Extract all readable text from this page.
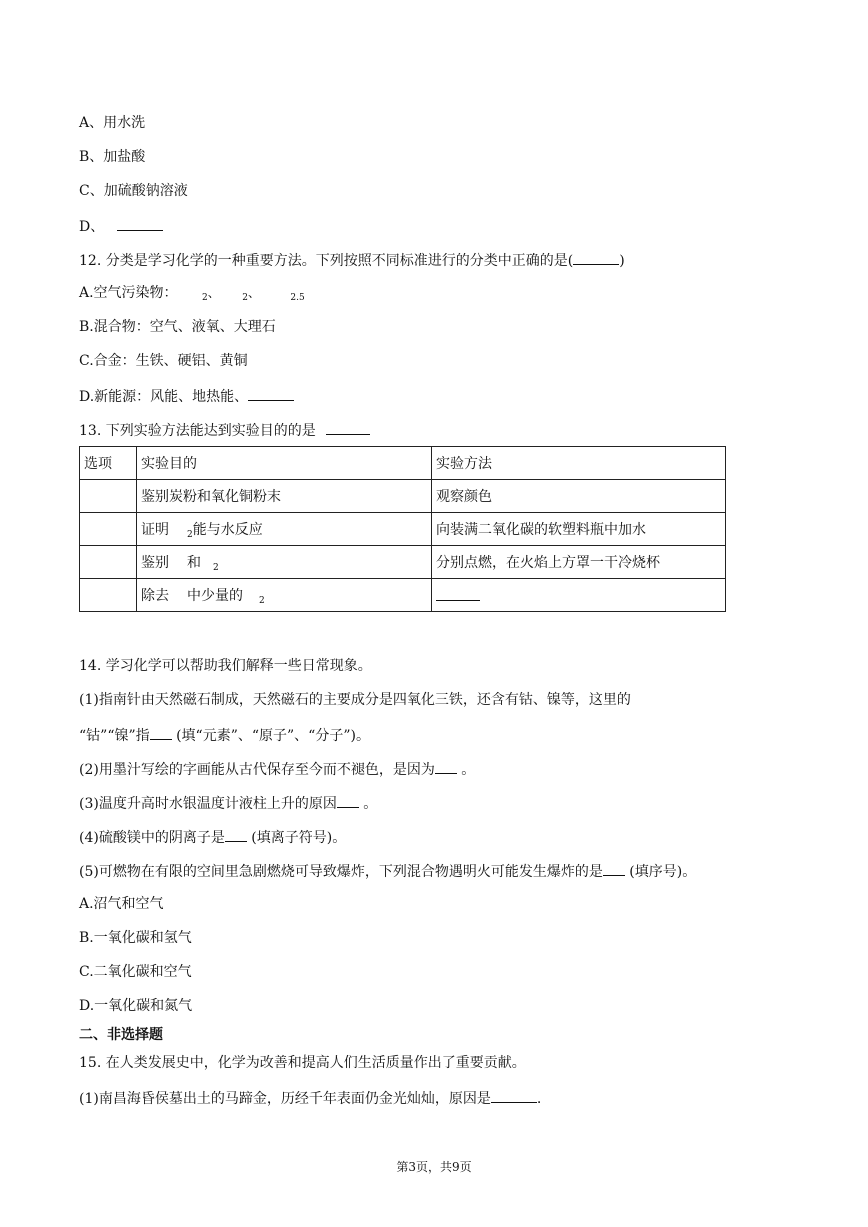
A、用水洗
B、加盐酸
C、加硫酸钠溶液
D、
12. 分类是学习化学的一种重要方法。下列按照不同标准进行的分类中正确的是(	)
A.空气污染物：	$_2$、 $_2$、	$_{2.5}$
B.混合物：空气、液氧、大理石
C.合金：生铁、硬铝、黄铜
D.新能源：风能、地热能、
13. 下列实验方法能达到实验目的的是
选项	实验目的	实验方法
	鉴别炭粉和氧化铜粉末	观察颜色
	证明 $_2$能与水反应	向装满二氧化碳的软塑料瓶中加水
	鉴别 和 $_2$	分别点燃，在火焰上方罩一干冷烧杯
	除去 中少量的 $_2$	
14. 学习化学可以帮助我们解释一些日常现象。
(1)指南针由天然磁石制成，天然磁石的主要成分是四氧化三铁，还含有钴、镍等，这里的
“钴”“镍”指 (填“元素”、“原子”、“分子”)。
(2)用墨汁写绘的字画能从古代保存至今而不褪色，是因为 。
(3)温度升高时水银温度计液柱上升的原因 。
(4)硫酸镁中的阴离子是 (填离子符号)。
(5)可燃物在有限的空间里急剧燃烧可导致爆炸，下列混合物遇明火可能发生爆炸的是 (填序号)。
A.沼气和空气
B.一氧化碳和氢气
C.二氧化碳和空气
D.一氧化碳和氮气
二、非选择题
15. 在人类发展史中，化学为改善和提高人们生活质量作出了重要贡献。
(1)南昌海昏侯墓出土的马蹄金，历经千年表面仍金光灿灿，原因是	.
第3页，共9页
